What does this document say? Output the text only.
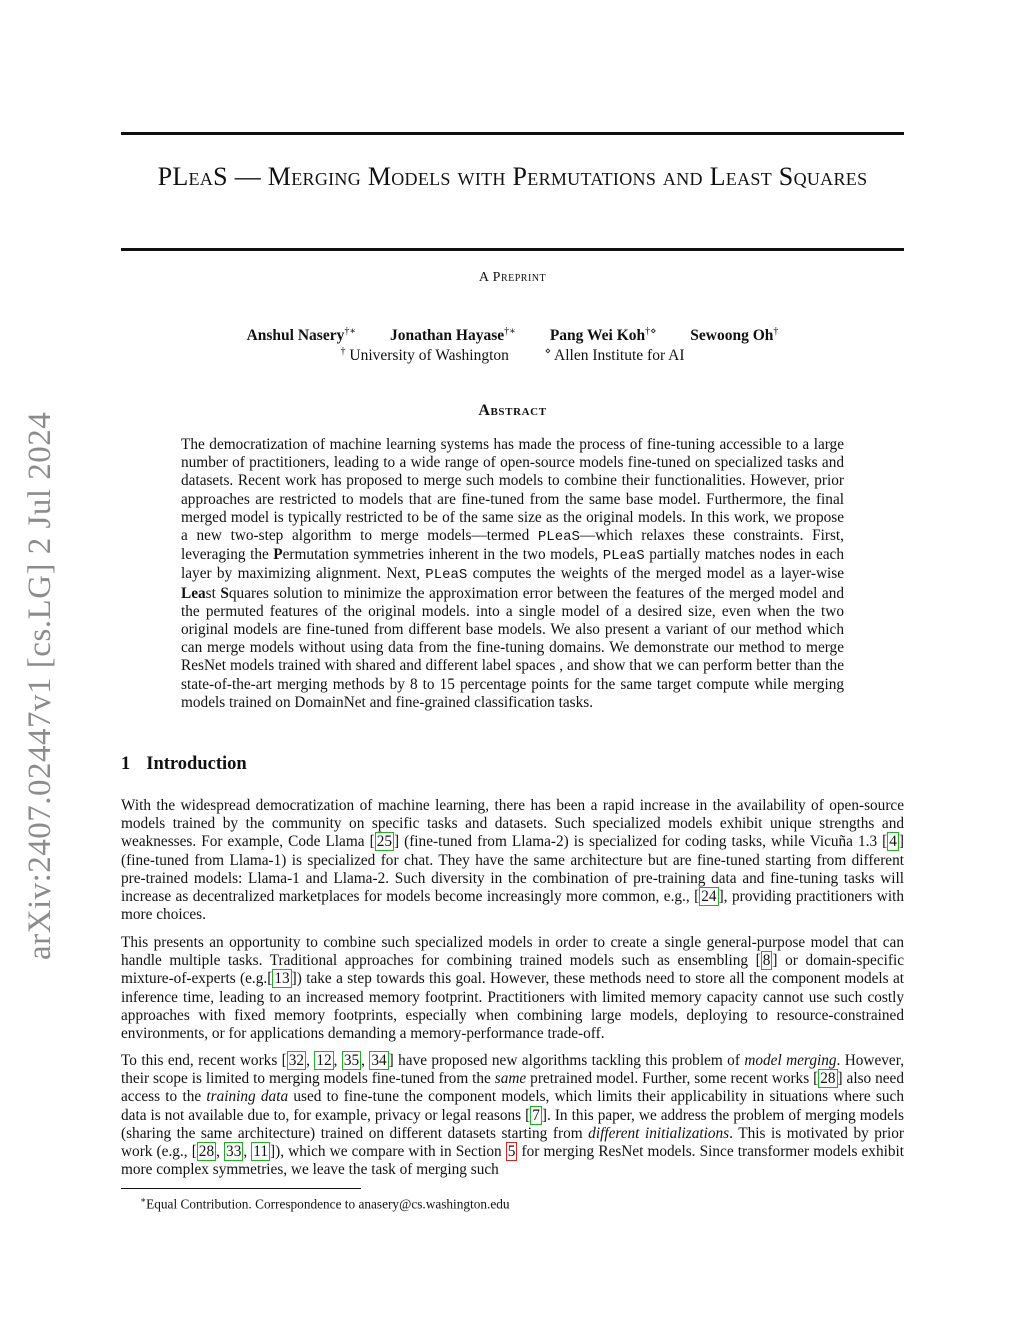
arXiv:2407.02447v1 [cs.LG] 2 Jul 2024
PLeaS — Merging Models with Permutations and Least Squares
A Preprint
Anshul Nasery†∗ Jonathan Hayase†∗ Pang Wei Koh†⋄ Sewoong Oh†
† University of Washington	⋄ Allen Institute for AI
Abstract

The democratization of machine learning systems has made the process of fine-tuning accessible to a large number of practitioners, leading to a wide range of open-source models fine-tuned on specialized tasks and datasets. Recent work has proposed to merge such models to combine their functionalities. However, prior approaches are restricted to models that are fine-tuned from the same base model. Furthermore, the final merged model is typically restricted to be of the same size as the original models. In this work, we propose a new two-step algorithm to merge models—termed PLeaS—which relaxes these constraints. First, leveraging the Permutation symmetries inherent in the two models, PLeaS partially matches nodes in each layer by maximizing alignment. Next, PLeaS computes the weights of the merged model as a layer-wise Least Squares solution to minimize the approximation error between the features of the merged model and the permuted features of the original models. into a single model of a desired size, even when the two original models are fine-tuned from different base models. We also present a variant of our method which can merge models without using data from the fine-tuning domains. We demonstrate our method to merge ResNet models trained with shared and different label spaces , and show that we can perform better than the state-of-the-art merging methods by 8 to 15 percentage points for the same target compute while merging models trained on DomainNet and fine-grained classification tasks.

1 Introduction

With the widespread democratization of machine learning, there has been a rapid increase in the availability of open-source models trained by the community on specific tasks and datasets. Such specialized models exhibit unique strengths and weaknesses. For example, Code Llama [ 25 ] (fine-tuned from Llama-2) is specialized for coding tasks, while Vicuña 1.3 [ 4 ] (fine-tuned from Llama-1) is specialized for chat. They have the same architecture but are fine-tuned starting from different pre-trained models: Llama-1 and Llama-2. Such diversity in the combination of pre-training data and fine-tuning tasks will increase as decentralized marketplaces for models become increasingly more common, e.g., [ 24 ], providing practitioners with more choices.

This presents an opportunity to combine such specialized models in order to create a single general-purpose model that can handle multiple tasks. Traditional approaches for combining trained models such as ensembling [ 8 ] or domain-specific mixture-of-experts (e.g.[ 13 ]) take a step towards this goal. However, these methods need to store all the component models at inference time, leading to an increased memory footprint. Practitioners with limited memory capacity cannot use such costly approaches with fixed memory footprints, especially when combining large models, deploying to resource-constrained environments, or for applications demanding a memory-performance trade-off.

To this end, recent works [ 32 , 12 , 35 , 34 ] have proposed new algorithms tackling this problem of model merging. However, their scope is limited to merging models fine-tuned from the same pretrained model. Further, some recent works [ 28 ] also need access to the training data used to fine-tune the component models, which limits their applicability in situations where such data is not available due to, for example, privacy or legal reasons [ 7 ]. In this paper, we address the problem of merging models (sharing the same architecture) trained on different datasets starting from different initializations. This is motivated by prior work (e.g., [ 28 , 33 , 11 ]), which we compare with in Section 5 for merging ResNet models. Since transformer models exhibit more complex symmetries, we leave the task of merging such

∗Equal Contribution. Correspondence to anasery@cs.washington.edu
